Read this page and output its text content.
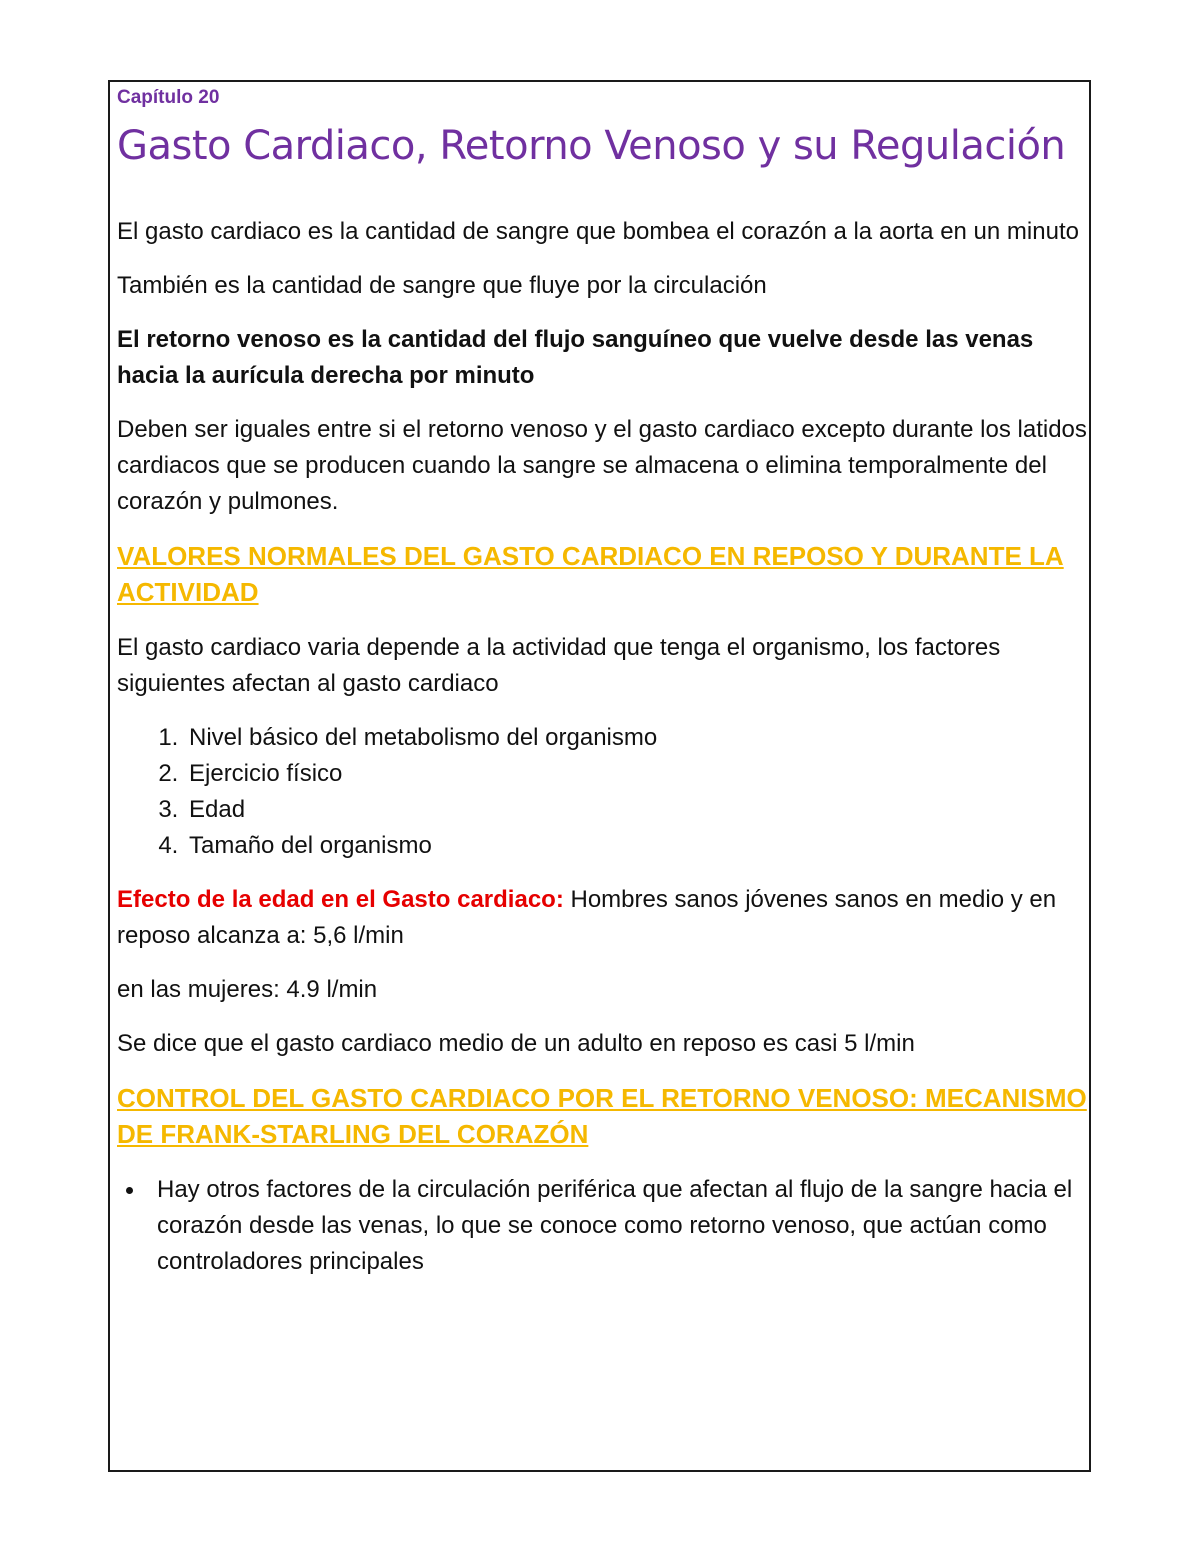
Capítulo 20
Gasto Cardiaco, Retorno Venoso y su Regulación

El gasto cardiaco es la cantidad de sangre que bombea el corazón a la aorta en un minuto

También es la cantidad de sangre que fluye por la circulación

El retorno venoso es la cantidad del flujo sanguíneo que vuelve desde las venas hacia la aurícula derecha por minuto

Deben ser iguales entre si el retorno venoso y el gasto cardiaco excepto durante los latidos cardiacos que se producen cuando la sangre se almacena o elimina temporalmente del corazón y pulmones.

VALORES NORMALES DEL GASTO CARDIACO EN REPOSO Y DURANTE LA ACTIVIDAD

El gasto cardiaco varia depende a la actividad que tenga el organismo, los factores siguientes afectan al gasto cardiaco

1. Nivel básico del metabolismo del organismo
2. Ejercicio físico
3. Edad
4. Tamaño del organismo

Efecto de la edad en el Gasto cardiaco: Hombres sanos jóvenes sanos en medio y en reposo alcanza a: 5,6 l/min

en las mujeres: 4.9 l/min

Se dice que el gasto cardiaco medio de un adulto en reposo es casi 5 l/min

CONTROL DEL GASTO CARDIACO POR EL RETORNO VENOSO: MECANISMO DE FRANK-STARLING DEL CORAZÓN
Hay otros factores de la circulación periférica que afectan al flujo de la sangre hacia el corazón desde las venas, lo que se conoce como retorno venoso, que actúan como controladores principales
